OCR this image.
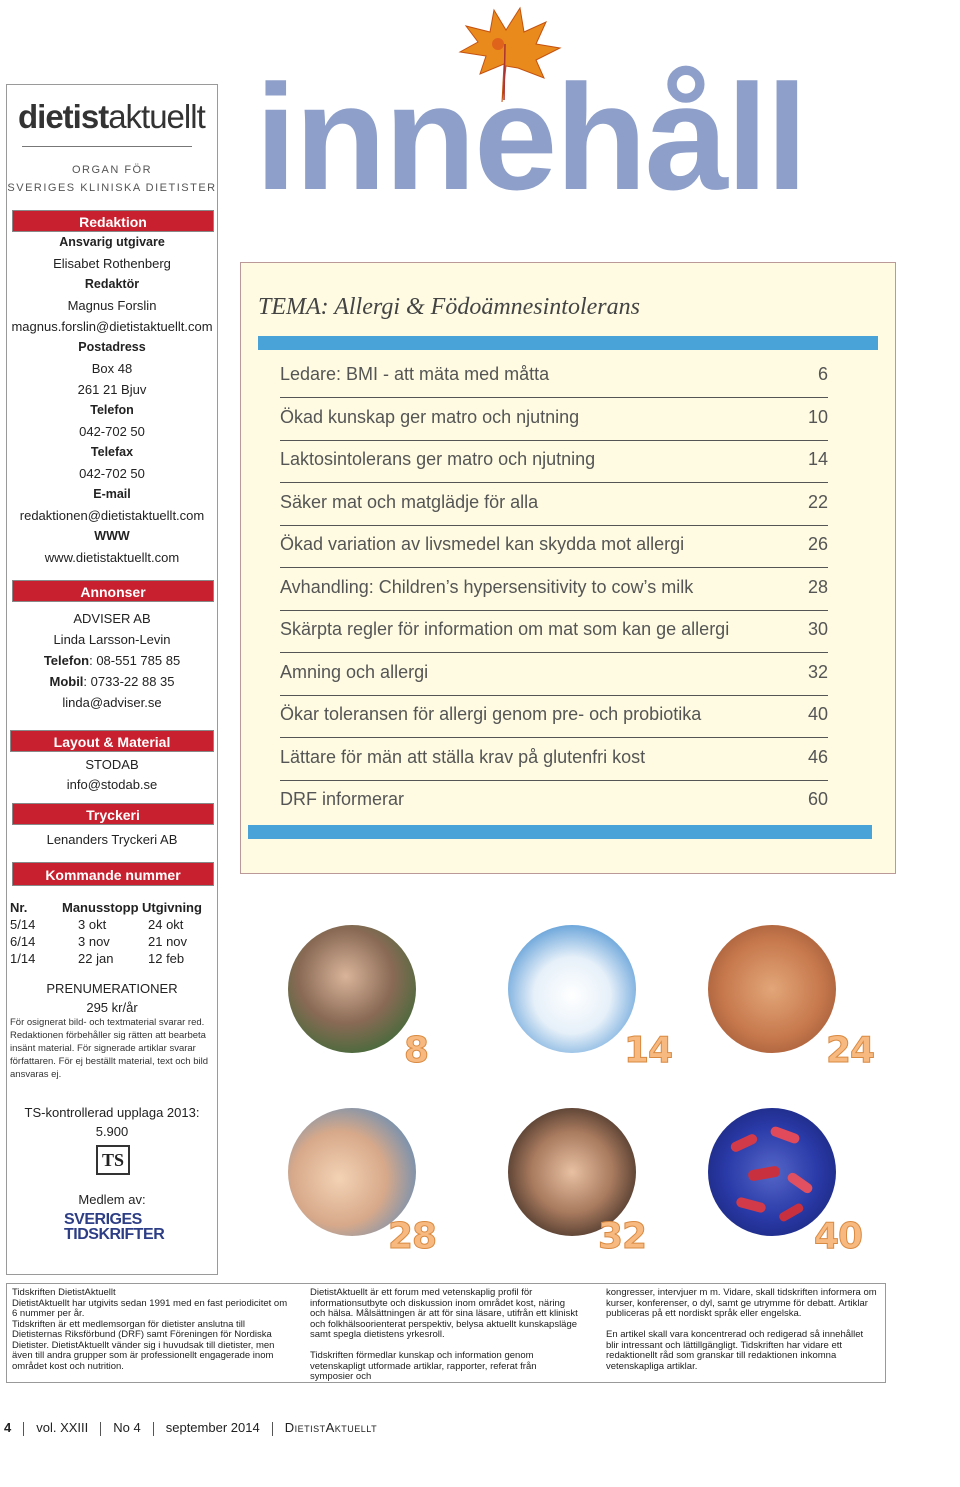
innehåll
dietistaktuellt
ORGAN FÖR
SVERIGES KLINISKA DIETISTER
Redaktion
Ansvarig utgivare
Elisabet Rothenberg
Redaktör
Magnus Forslin
magnus.forslin@dietistaktuellt.com
Postadress
Box 48
261 21 Bjuv
Telefon
042-702 50
Telefax
042-702 50
E-mail
redaktionen@dietistaktuellt.com
WWW
www.dietistaktuellt.com
Annonser
ADVISER AB
Linda Larsson-Levin
Telefon: 08-551 785 85
Mobil: 0733-22 88 35
linda@adviser.se
Layout & Material
STODAB
info@stodab.se
Tryckeri
Lenanders Tryckeri AB
Kommande nummer
Nr.	Manusstopp	Utgivning
5/14	3 okt	24 okt
6/14	3 nov	21 nov
1/14	22 jan	12 feb
PRENUMERATIONER
295 kr/år
För osignerat bild- och textmaterial svarar red. Redaktionen förbehåller sig rätten att bearbeta insänt material. För signerade artiklar svarar författaren. För ej beställt material, text och bild ansvaras ej.
TS-kontrollerad upplaga 2013:
5.900
TS
Medlem av:
SVERIGES
TIDSKRIFTER
TEMA: Allergi & Födoämnesintolerans
Ledare: BMI - att mäta med måtta	6
Ökad kunskap ger matro och njutning	10
Laktosintolerans ger matro och njutning	14
Säker mat och matglädje för alla	22
Ökad variation av livsmedel kan skydda mot allergi	26
Avhandling: Children’s hypersensitivity to cow’s milk	28
Skärpta regler för information om mat som kan ge allergi	30
Amning och allergi	32
Ökar toleransen för allergi genom pre- och probiotika	40
Lättare för män att ställa krav på glutenfri kost	46
DRF informerar	60
8	14	24
28	32	40
Tidskriften DietistAktuellt
DietistAktuellt har utgivits sedan 1991 med en fast periodicitet om 6 nummer per år.
Tidskriften är ett medlemsorgan för dietister anslutna till Dietisternas Riksförbund (DRF) samt Föreningen för Nordiska Dietister. DietistAktuellt vänder sig i huvudsak till dietister, men även till andra grupper som är professionellt engagerade inom området kost och nutrition.
DietistAktuellt är ett forum med vetenskaplig profil för informationsutbyte och diskussion inom området kost, näring och hälsa. Målsättningen är att för sina läsare, utifrån ett kliniskt och folkhälsoorienterat perspektiv, belysa aktuellt kunskapsläge samt spegla dietistens yrkesroll.

Tidskriften förmedlar kunskap och information genom vetenskapligt utformade artiklar, rapporter, referat från symposier och
kongresser, intervjuer m m. Vidare, skall tidskriften informera om kurser, konferenser, o dyl, samt ge utrymme för debatt. Artiklar publiceras på ett nordiskt språk eller engelska.

En artikel skall vara koncentrerad och redigerad så innehållet blir intressant och lättillgängligt. Tidskriften har vidare ett redaktionellt råd som granskar till redaktionen inkomna vetenskapliga artiklar.
4 vol. XXIII No 4 september 2014 DietistAktuellt
